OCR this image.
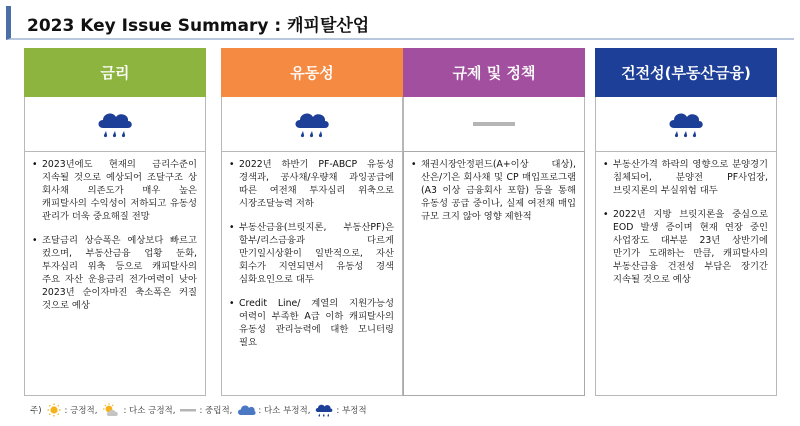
2023 Key Issue Summary : 캐피탈산업
금리
• 2023년에도 현재의 금리수준이 지속될 것으로 예상되어 조달구조 상 회사채 의존도가 매우 높은 캐피탈사의 수익성이 저하되고 유동성 관리가 더욱 중요해질 전망
• 조달금리 상승폭은 예상보다 빠르고 컸으며, 부동산금융 업황 둔화, 투자심리 위축 등으로 캐피탈사의 주요 자산 운용금리 전가여력이 낮아 2023년 순이자마진 축소폭은 커질 것으로 예상
유동성
• 2022년 하반기 PF-ABCP 유동성 경색과, 공사채/우량채 과잉공급에 따른 여전채 투자심리 위축으로 시장조달능력 저하
• 부동산금융(브릿지론, 부동산PF)은 할부/리스금융과 다르게 만기일시상환이 일반적으로, 자산 회수가 지연되면서 유동성 경색 심화요인으로 대두
• Credit Line/ 계열의 지원가능성 여력이 부족한 A급 이하 캐피탈사의 유동성 관리능력에 대한 모니터링 필요
규제 및 정책
• 채권시장안정펀드(A+이상 대상), 산은/기은 회사채 및 CP 매입프로그램(A3 이상 금융회사 포함) 등을 통해 유동성 공급 중이나, 실제 여전채 매입 규모 크지 않아 영향 제한적
건전성(부동산금융)
• 부동산가격 하락의 영향으로 분양경기 침체되어, 분양전 PF사업장, 브릿지론의 부실위험 대두
• 2022년 지방 브릿지론을 중심으로 EOD 발생 증이며 현재 연장 중인 사업장도 대부분 23년 상반기에 만기가 도래하는 만큼, 캐피탈사의 부동산금융 건전성 부담은 장기간 지속될 것으로 예상
주)	: 긍정적,	: 다소 긍정적,	: 중립적,	: 다소 부정적,	: 부정적
